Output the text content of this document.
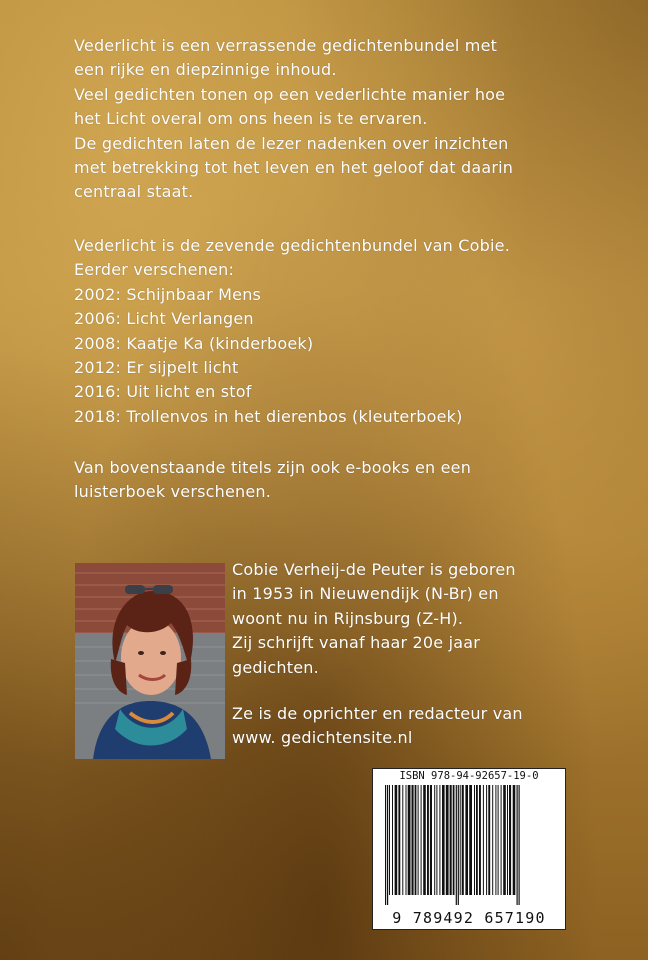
Vederlicht is een verrassende gedichtenbundel met
een rijke en diepzinnige inhoud.
Veel gedichten tonen op een vederlichte manier hoe
het Licht overal om ons heen is te ervaren.
De gedichten laten de lezer nadenken over inzichten
met betrekking tot het leven en het geloof dat daarin
centraal staat.
Vederlicht is de zevende gedichtenbundel van Cobie.
Eerder verschenen:
2002: Schijnbaar Mens
2006: Licht Verlangen
2008: Kaatje Ka (kinderboek)
2012: Er sijpelt licht
2016: Uit licht en stof
2018: Trollenvos in het dierenbos (kleuterboek)
Van bovenstaande titels zijn ook e-books en een
luisterboek verschenen.
Cobie Verheij-de Peuter is geboren
in 1953 in Nieuwendijk (N-Br) en
woont nu in Rijnsburg (Z-H).
Zij schrijft vanaf haar 20e jaar
gedichten.
Ze is de oprichter en redacteur van
www. gedichtensite.nl
ISBN 978-94-92657-19-0
9 789492 657190
